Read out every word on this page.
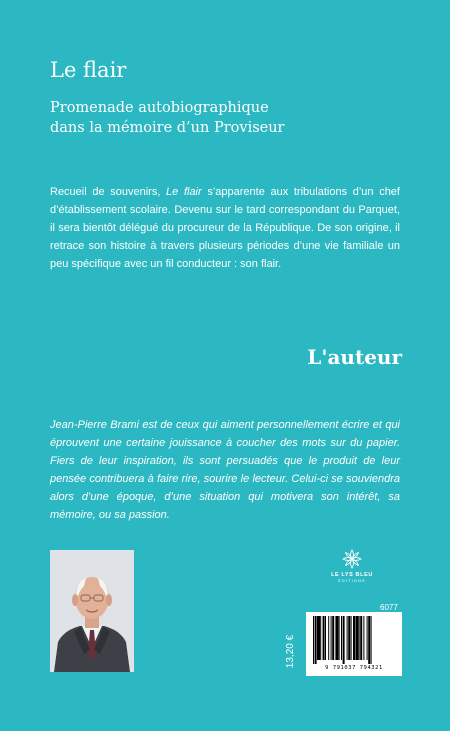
Le flair
Promenade autobiographique
dans la mémoire d’un Proviseur

Recueil de souvenirs, Le flair s’apparente aux tribulations d’un chef d’établissement scolaire. Devenu sur le tard correspondant du Parquet, il sera bientôt délégué du procureur de la République. De son origine, il retrace son histoire à travers plusieurs périodes d’une vie familiale un peu spécifique avec un fil conducteur : son flair.

L'auteur

Jean-Pierre Brami est de ceux qui aiment personnellement écrire et qui éprouvent une certaine jouissance à coucher des mots sur du papier. Fiers de leur inspiration, ils sont persuadés que le produit de leur pensée contribuera à faire rire, sourire le lecteur. Celui-ci se souviendra alors d’une époque, d’une situation qui motivera son intérêt, sa mémoire, ou sa passion.

LE LYS BLEU
ÉDITIONS
6077
13,20 €
9 791037 794321
